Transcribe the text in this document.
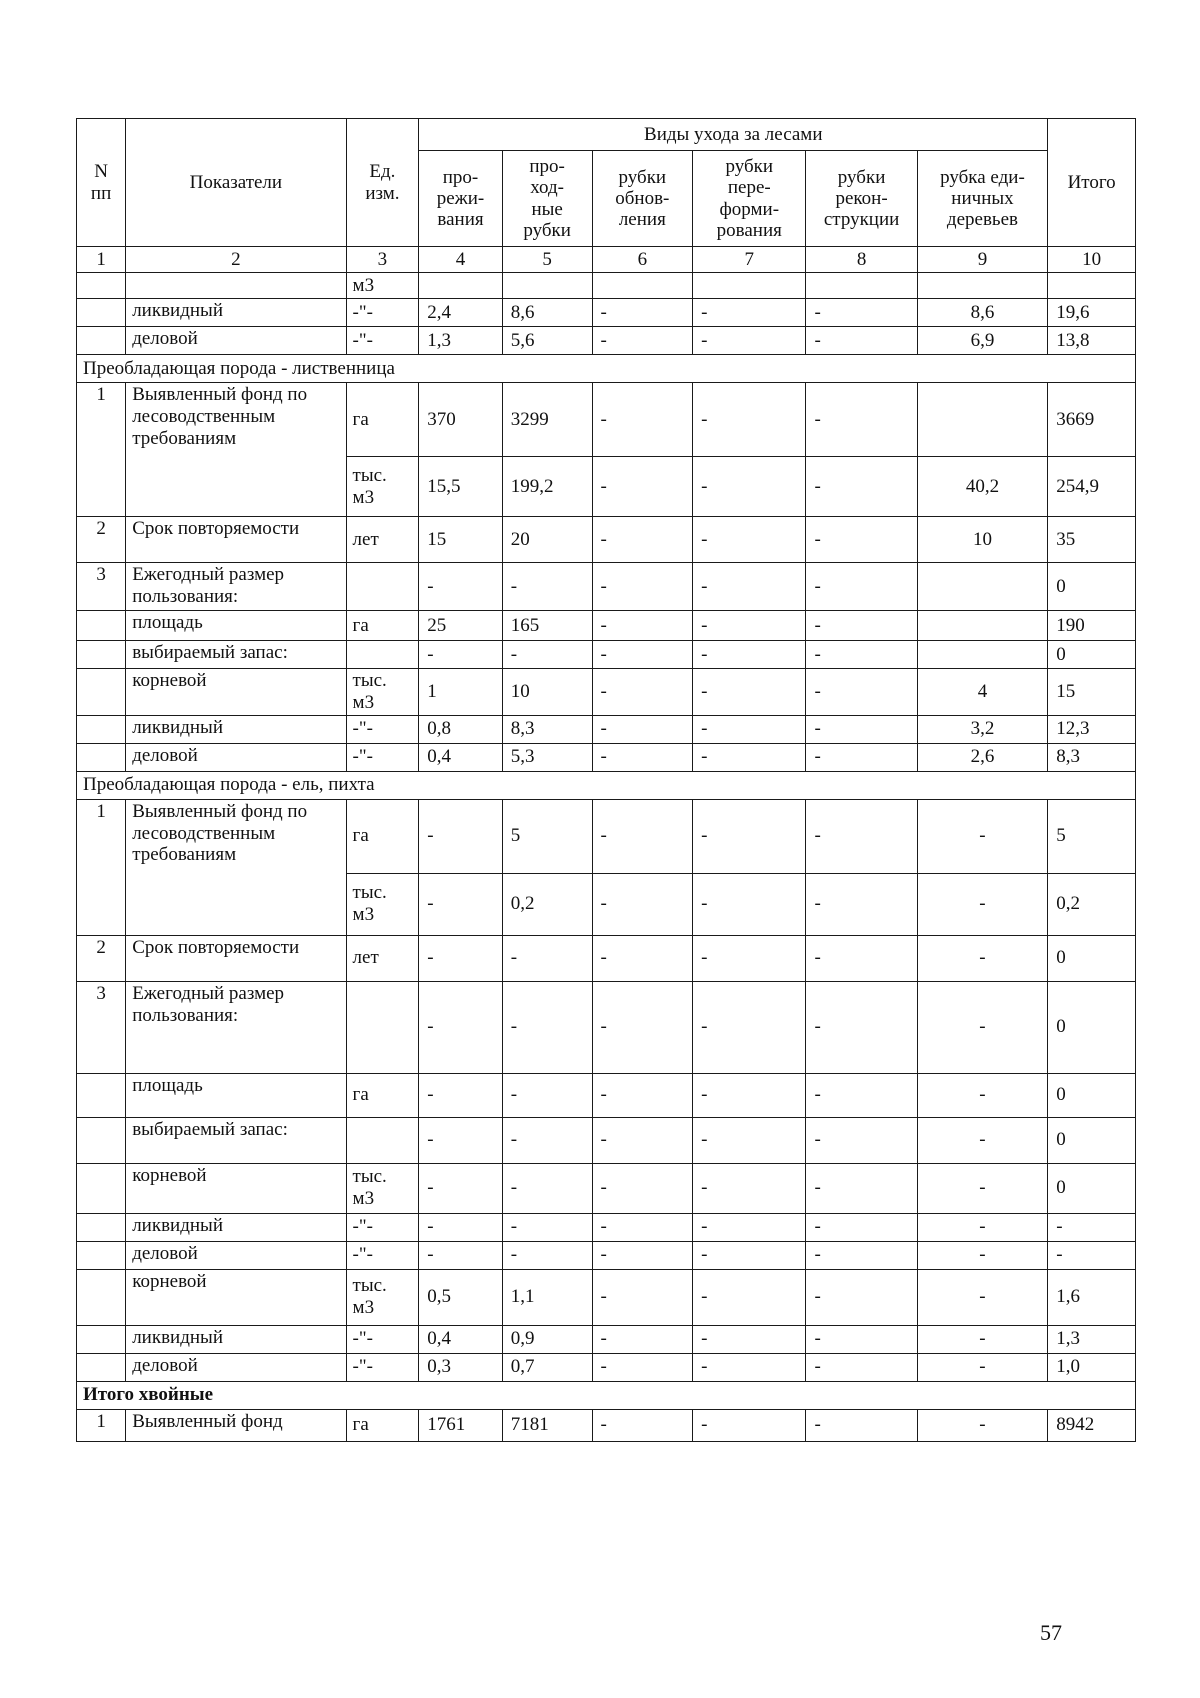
N
пп	Показатели	Ед.
изм.	Виды ухода за лесами						Итого
			про-
режи-
вания	про-
ход-
ные
рубки	рубки
обнов-
ления	рубки
пере-
форми-
рования	рубки
рекон-
струкции	рубка еди-
ничных
деревьев	
1	2	3	4	5	6	7	8	9	10
		м3							
	ликвидный	-"-	2,4	8,6	-	-	-	8,6	19,6
	деловой	-"-	1,3	5,6	-	-	-	6,9	13,8
Преобладающая порода - лиственница									
1	Выявленный фонд по лесоводственным требованиям	га	370	3299	-	-	-		3669
		тыс.
м3	15,5	199,2	-	-	-	40,2	254,9
2	Срок повторяемости	лет	15	20	-	-	-	10	35
3	Ежегодный размер пользования:		-	-	-	-	-		0
	площадь	га	25	165	-	-	-		190
	выбираемый запас:		-	-	-	-	-		0
	корневой	тыс.
м3	1	10	-	-	-	4	15
	ликвидный	-"-	0,8	8,3	-	-	-	3,2	12,3
	деловой	-"-	0,4	5,3	-	-	-	2,6	8,3
Преобладающая порода - ель, пихта									
1	Выявленный фонд по лесоводственным требованиям	га	-	5	-	-	-	-	5
		тыс.
м3	-	0,2	-	-	-	-	0,2
2	Срок повторяемости	лет	-	-	-	-	-	-	0
3	Ежегодный размер пользования:		-	-	-	-	-	-	0
	площадь	га	-	-	-	-	-	-	0
	выбираемый запас:		-	-	-	-	-	-	0
	корневой	тыс.
м3	-	-	-	-	-	-	0
	ликвидный	-"-	-	-	-	-	-	-	-
	деловой	-"-	-	-	-	-	-	-	-
	корневой	тыс.
м3	0,5	1,1	-	-	-	-	1,6
	ликвидный	-"-	0,4	0,9	-	-	-	-	1,3
	деловой	-"-	0,3	0,7	-	-	-	-	1,0
Итого хвойные									
1	Выявленный фонд	га	1761	7181	-	-	-	-	8942
57
